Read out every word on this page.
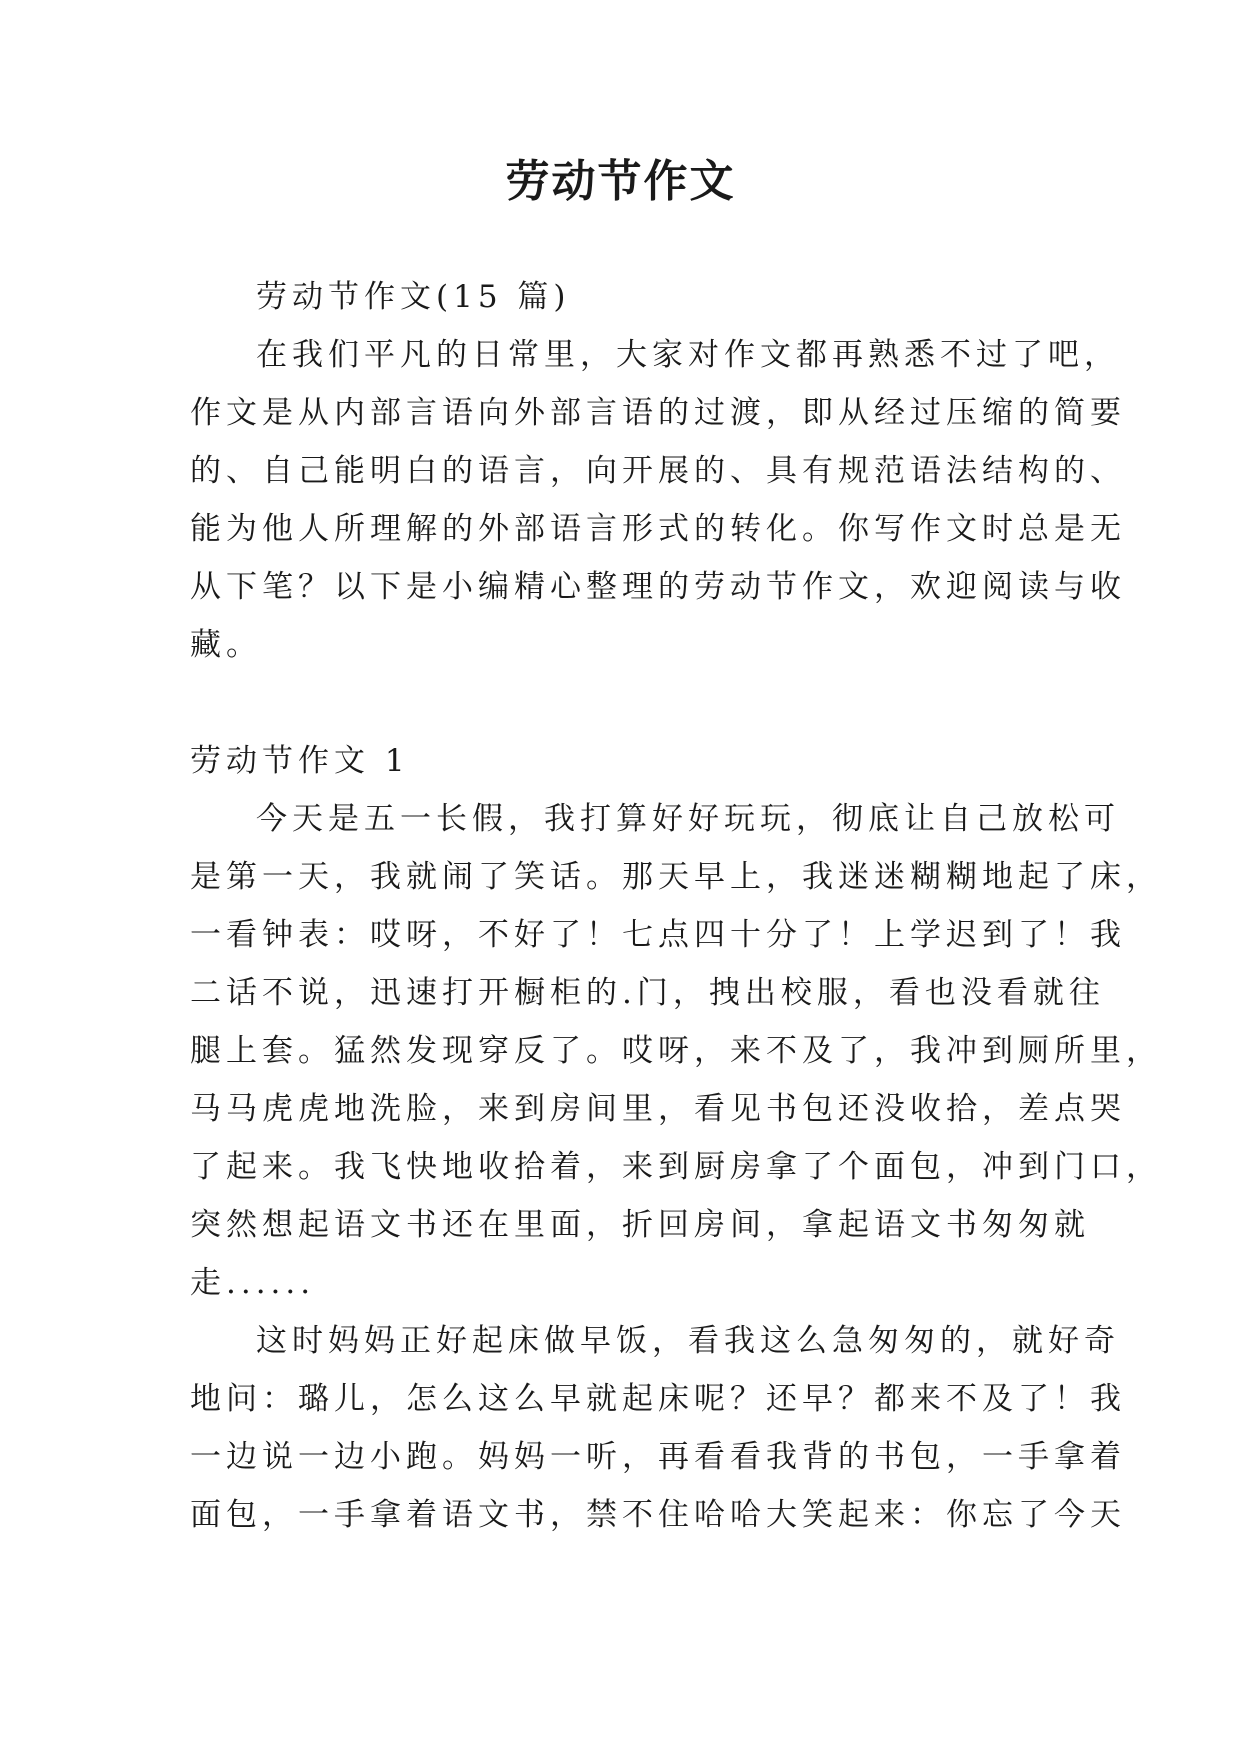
劳动节作文
劳动节作文(15 篇)
在我们平凡的日常里，大家对作文都再熟悉不过了吧，
作文是从内部言语向外部言语的过渡，即从经过压缩的简要
的、自己能明白的语言，向开展的、具有规范语法结构的、
能为他人所理解的外部语言形式的转化。你写作文时总是无
从下笔？以下是小编精心整理的劳动节作文，欢迎阅读与收
藏。
劳动节作文 1
今天是五一长假，我打算好好玩玩，彻底让自己放松可
是第一天，我就闹了笑话。那天早上，我迷迷糊糊地起了床，
一看钟表：哎呀，不好了！七点四十分了！上学迟到了！我
二话不说，迅速打开橱柜的.门，拽出校服，看也没看就往
腿上套。猛然发现穿反了。哎呀，来不及了，我冲到厕所里，
马马虎虎地洗脸，来到房间里，看见书包还没收拾，差点哭
了起来。我飞快地收拾着，来到厨房拿了个面包，冲到门口，
突然想起语文书还在里面，折回房间，拿起语文书匆匆就
走......
这时妈妈正好起床做早饭，看我这么急匆匆的，就好奇
地问：璐儿，怎么这么早就起床呢？还早？都来不及了！我
一边说一边小跑。妈妈一听，再看看我背的书包，一手拿着
面包，一手拿着语文书，禁不住哈哈大笑起来：你忘了今天
